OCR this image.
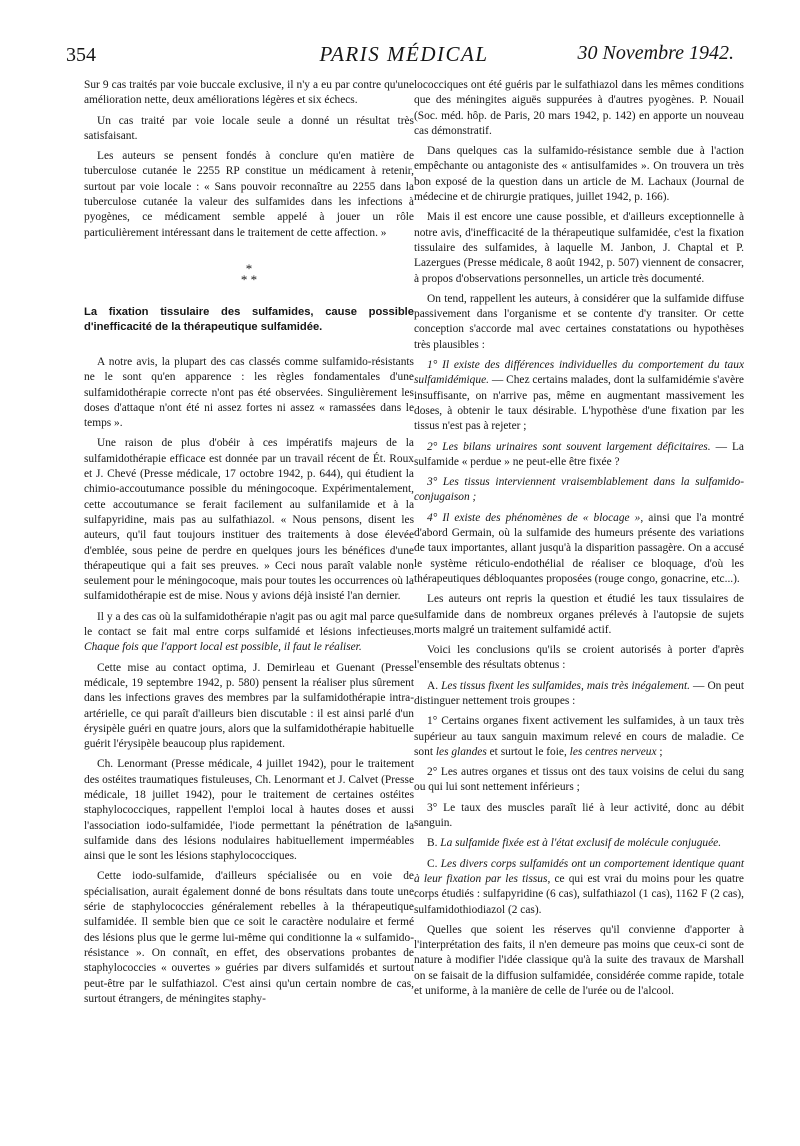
354	PARIS MÉDICAL	30 Novembre 1942.

Sur 9 cas traités par voie buccale exclusive, il n'y a eu par contre qu'une amélioration nette, deux améliorations légères et six échecs.

Un cas traité par voie locale seule a donné un résultat très satisfaisant.

Les auteurs se pensent fondés à conclure qu'en matière de tuberculose cutanée le 2255 RP constitue un médicament à retenir, surtout par voie locale : « Sans pouvoir reconnaître au 2255 dans la tuberculose cutanée la valeur des sulfamides dans les infections à pyogènes, ce médicament semble appelé à jouer un rôle particulièrement intéressant dans le traitement de cette affection. »

*
* *
La fixation tissulaire des sulfamides, cause possible d'inefficacité de la thérapeutique sulfamidée.

A notre avis, la plupart des cas classés comme sulfamido-résistants ne le sont qu'en apparence : les règles fondamentales d'une sulfamidothérapie correcte n'ont pas été observées. Singulièrement les doses d'attaque n'ont été ni assez fortes ni assez « ramassées dans le temps ».

Une raison de plus d'obéir à ces impératifs majeurs de la sulfamidothérapie efficace est donnée par un travail récent de Ét. Roux et J. Chevé (Presse médicale, 17 octobre 1942, p. 644), qui étudient la chimio-accoutumance possible du méningocoque. Expérimentalement, cette accoutumance se ferait facilement au sulfanilamide et à la sulfapyridine, mais pas au sulfathiazol. « Nous pensons, disent les auteurs, qu'il faut toujours instituer des traitements à dose élevée d'emblée, sous peine de perdre en quelques jours les bénéfices d'une thérapeutique qui a fait ses preuves. » Ceci nous paraît valable non seulement pour le méningocoque, mais pour toutes les occurrences où la sulfamidothérapie est de mise. Nous y avions déjà insisté l'an dernier.

Il y a des cas où la sulfamidothérapie n'agit pas ou agit mal parce que le contact se fait mal entre corps sulfamidé et lésions infectieuses. Chaque fois que l'apport local est possible, il faut le réaliser.

Cette mise au contact optima, J. Demirleau et Guenant (Presse médicale, 19 septembre 1942, p. 580) pensent la réaliser plus sûrement dans les infections graves des membres par la sulfamidothérapie intra-artérielle, ce qui paraît d'ailleurs bien discutable : il est ainsi parlé d'un érysipèle guéri en quatre jours, alors que la sulfamidothérapie habituelle guérit l'érysipèle beaucoup plus rapidement.

Ch. Lenormant (Presse médicale, 4 juillet 1942), pour le traitement des ostéites traumatiques fistuleuses, Ch. Lenormant et J. Calvet (Presse médicale, 18 juillet 1942), pour le traitement de certaines ostéites staphylococciques, rappellent l'emploi local à hautes doses et aussi l'association iodo-sulfamidée, l'iode permettant la pénétration de la sulfamide dans des lésions nodulaires habituellement imperméables ainsi que le sont les lésions staphylococciques.

Cette iodo-sulfamide, d'ailleurs spécialisée ou en voie de spécialisation, aurait également donné de bons résultats dans toute une série de staphylococcies généralement rebelles à la thérapeutique sulfamidée. Il semble bien que ce soit le caractère nodulaire et fermé des lésions plus que le germe lui-même qui conditionne la « sulfamido-résistance ». On connaît, en effet, des observations probantes de staphylococcies « ouvertes » guéries par divers sulfamidés et surtout peut-être par le sulfathiazol. C'est ainsi qu'un certain nombre de cas, surtout étrangers, de méningites staphy-

lococciques ont été guéris par le sulfathiazol dans les mêmes conditions que des méningites aiguës suppurées à d'autres pyogènes. P. Nouail (Soc. méd. hôp. de Paris, 20 mars 1942, p. 142) en apporte un nouveau cas démonstratif.

Dans quelques cas la sulfamido-résistance semble due à l'action empêchante ou antagoniste des « antisulfamides ». On trouvera un très bon exposé de la question dans un article de M. Lachaux (Journal de médecine et de chirurgie pratiques, juillet 1942, p. 166).

Mais il est encore une cause possible, et d'ailleurs exceptionnelle à notre avis, d'inefficacité de la thérapeutique sulfamidée, c'est la fixation tissulaire des sulfamides, à laquelle M. Janbon, J. Chaptal et P. Lazergues (Presse médicale, 8 août 1942, p. 507) viennent de consacrer, à propos d'observations personnelles, un article très documenté.

On tend, rappellent les auteurs, à considérer que la sulfamide diffuse passivement dans l'organisme et se contente d'y transiter. Or cette conception s'accorde mal avec certaines constatations ou hypothèses très plausibles :

1° Il existe des différences individuelles du comportement du taux sulfamidémique. — Chez certains malades, dont la sulfamidémie s'avère insuffisante, on n'arrive pas, même en augmentant massivement les doses, à obtenir le taux désirable. L'hypothèse d'une fixation par les tissus n'est pas à rejeter ;

2° Les bilans urinaires sont souvent largement déficitaires. — La sulfamide « perdue » ne peut-elle être fixée ?

3° Les tissus interviennent vraisemblablement dans la sulfamido-conjugaison ;

4° Il existe des phénomènes de « blocage », ainsi que l'a montré d'abord Germain, où la sulfamide des humeurs présente des variations de taux importantes, allant jusqu'à la disparition passagère. On a accusé le système réticulo-endothélial de réaliser ce bloquage, d'où les thérapeutiques débloquantes proposées (rouge congo, gonacrine, etc...).

Les auteurs ont repris la question et étudié les taux tissulaires de sulfamide dans de nombreux organes prélevés à l'autopsie de sujets morts malgré un traitement sulfamidé actif.

Voici les conclusions qu'ils se croient autorisés à porter d'après l'ensemble des résultats obtenus :

A. Les tissus fixent les sulfamides, mais très inégalement. — On peut distinguer nettement trois groupes :

1° Certains organes fixent activement les sulfamides, à un taux très supérieur au taux sanguin maximum relevé en cours de maladie. Ce sont les glandes et surtout le foie, les centres nerveux ;

2° Les autres organes et tissus ont des taux voisins de celui du sang ou qui lui sont nettement inférieurs ;

3° Le taux des muscles paraît lié à leur activité, donc au débit sanguin.

B. La sulfamide fixée est à l'état exclusif de molécule conjuguée.

C. Les divers corps sulfamidés ont un comportement identique quant à leur fixation par les tissus, ce qui est vrai du moins pour les quatre corps étudiés : sulfapyridine (6 cas), sulfathiazol (1 cas), 1162 F (2 cas), sulfamidothiodiazol (2 cas).

Quelles que soient les réserves qu'il convienne d'apporter à l'interprétation des faits, il n'en demeure pas moins que ceux-ci sont de nature à modifier l'idée classique qu'à la suite des travaux de Marshall on se faisait de la diffusion sulfamidée, considérée comme rapide, totale et uniforme, à la manière de celle de l'urée ou de l'alcool.
